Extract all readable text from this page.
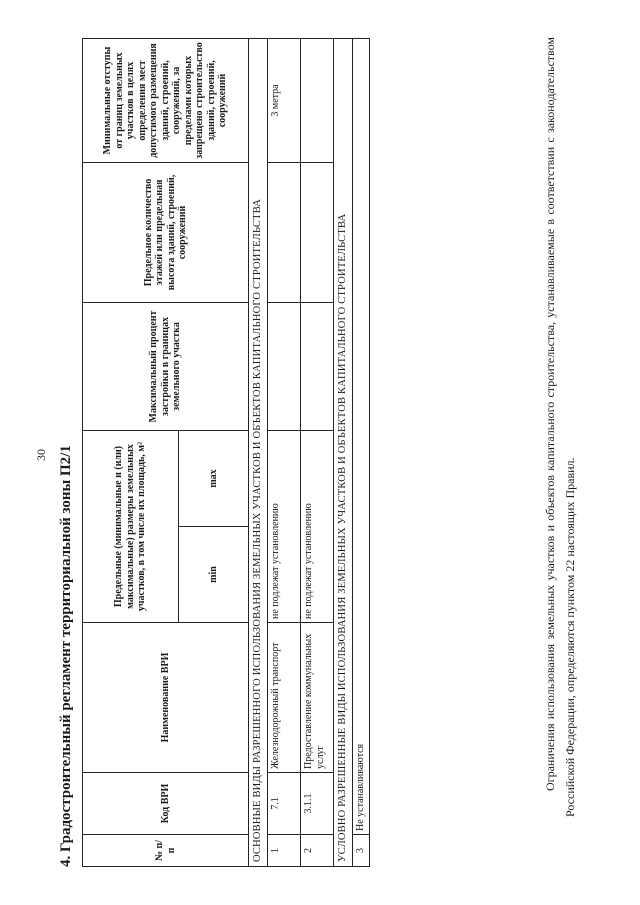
30 4. Градостроительный регламент территориальной зоны П2/1	№ п/п	Код ВРИ	Наименование ВРИ	Предельные (минимальные и (или) максимальные) размеры земельных участков, в том числе их площадь, м²		Максимальный процент застройки в границах земельного участка	Предельное количество этажей или предельная высота зданий, строений, сооружений	Минимальные отступы от границ земельных участков в целях определения мест допустимого размещения зданий, строений, сооружений, за пределами которых запрещено строительство зданий, строений, сооружений
			min	max			
ОСНОВНЫЕ ВИДЫ РАЗРЕШЕННОГО ИСПОЛЬЗОВАНИЯ ЗЕМЕЛЬНЫХ УЧАСТКОВ И ОБЪЕКТОВ КАПИТАЛЬНОГО СТРОИТЕЛЬСТВА							
1	7.1	Железнодорожный транспорт	не подлежат установлению				3 метра
2	3.1.1	Предоставление коммунальных услуг	не подлежат установлению				
УСЛОВНО РАЗРЕШЕННЫЕ ВИДЫ ИСПОЛЬЗОВАНИЯ ЗЕМЕЛЬНЫХ УЧАСТКОВ И ОБЪЕКТОВ КАПИТАЛЬНОГО СТРОИТЕЛЬСТВА							
3	Не устанавливаются							Ограничения использования земельных участков и объектов капитального строительства, устанавливаемые в соответствии с законодательством Российской Федерации, определяются пунктом 22 настоящих Правил.
